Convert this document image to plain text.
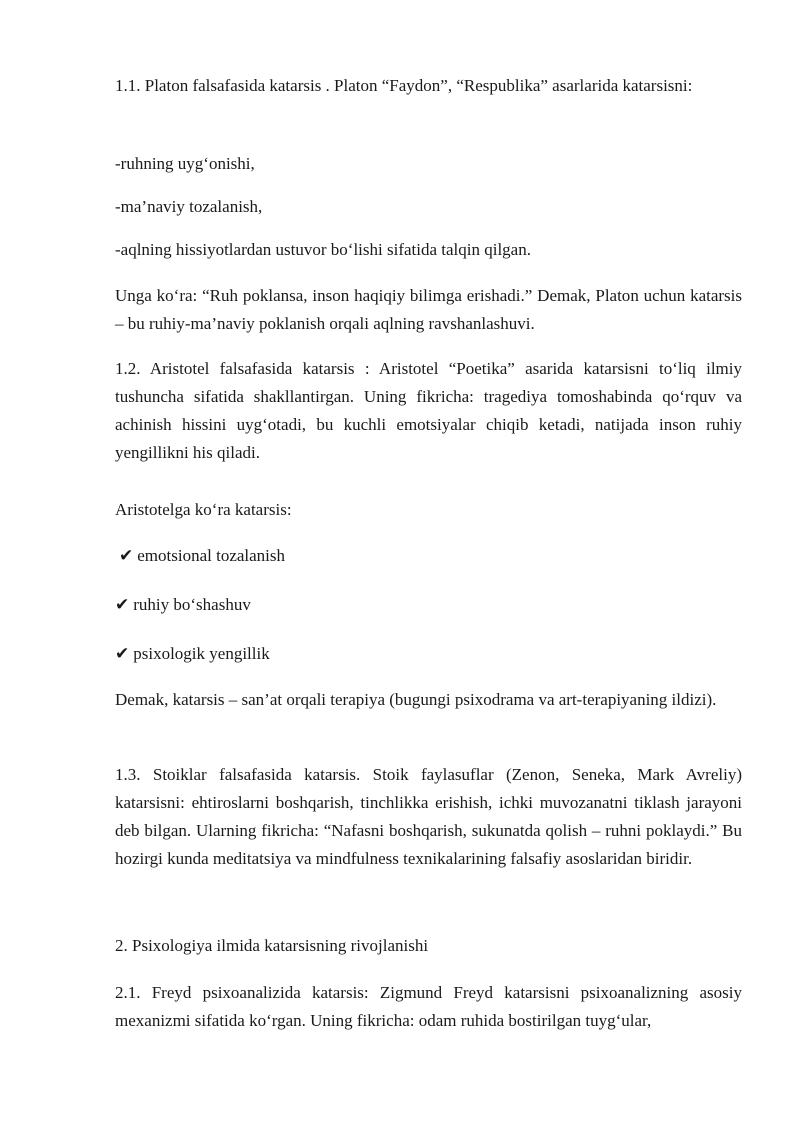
1.1. Platon falsafasida katarsis . Platon “Faydon”, “Respublika” asarlarida katarsisni:

-ruhning uyg‘onishi,

-ma’naviy tozalanish,

-aqlning hissiyotlardan ustuvor bo‘lishi sifatida talqin qilgan.

Unga ko‘ra: “Ruh poklansa, inson haqiqiy bilimga erishadi.” Demak, Platon uchun katarsis – bu ruhiy-ma’naviy poklanish orqali aqlning ravshanlashuvi.

1.2. Aristotel falsafasida katarsis : Aristotel “Poetika” asarida katarsisni to‘liq ilmiy tushuncha sifatida shakllantirgan. Uning fikricha: tragediya tomoshabinda qo‘rquv va achinish hissini uyg‘otadi, bu kuchli emotsiyalar chiqib ketadi, natijada inson ruhiy yengillikni his qiladi.

Aristotelga ko‘ra katarsis:

✔ emotsional tozalanish

✔ ruhiy bo‘shashuv

✔ psixologik yengillik

Demak, katarsis – san’at orqali terapiya (bugungi psixodrama va art-terapiyaning ildizi).

1.3. Stoiklar falsafasida katarsis. Stoik faylasuflar (Zenon, Seneka, Mark Avreliy) katarsisni: ehtiroslarni boshqarish, tinchlikka erishish, ichki muvozanatni tiklash jarayoni deb bilgan. Ularning fikricha: “Nafasni boshqarish, sukunatda qolish – ruhni poklaydi.” Bu hozirgi kunda meditatsiya va mindfulness texnikalarining falsafiy asoslaridan biridir.

2. Psixologiya ilmida katarsisning rivojlanishi

2.1. Freyd psixoanalizida katarsis: Zigmund Freyd katarsisni psixoanalizning asosiy mexanizmi sifatida ko‘rgan. Uning fikricha: odam ruhida bostirilgan tuyg‘ular,
